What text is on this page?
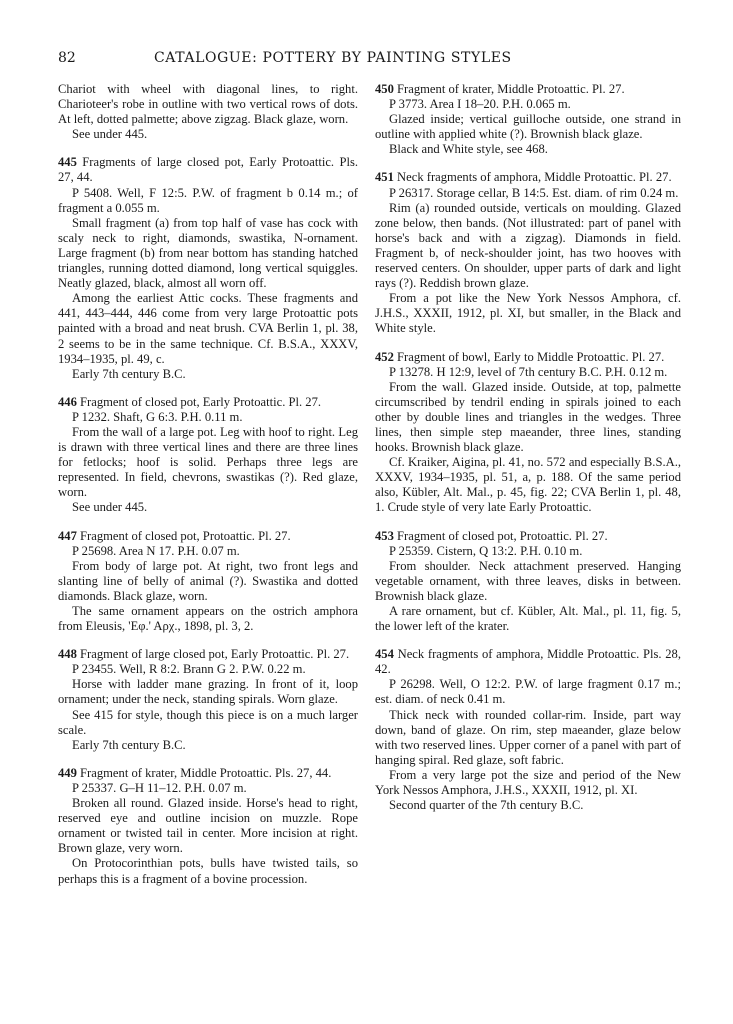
82	CATALOGUE: POTTERY BY PAINTING STYLES

Chariot with wheel with diagonal lines, to right. Charioteer's robe in outline with two vertical rows of dots. At left, dotted palmette; above zigzag. Black glaze, worn.

See under 445.

445 Fragments of large closed pot, Early Protoattic. Pls. 27, 44.

P 5408. Well, F 12:5. P.W. of fragment b 0.14 m.; of fragment a 0.055 m.

Small fragment (a) from top half of vase has cock with scaly neck to right, diamonds, swastika, N-ornament. Large fragment (b) from near bottom has standing hatched triangles, running dotted diamond, long vertical squiggles. Neatly glazed, black, almost all worn off.

Among the earliest Attic cocks. These fragments and 441, 443–444, 446 come from very large Protoattic pots painted with a broad and neat brush. CVA Berlin 1, pl. 38, 2 seems to be in the same technique. Cf. B.S.A., XXXV, 1934–1935, pl. 49, c.

Early 7th century B.C.

446 Fragment of closed pot, Early Protoattic. Pl. 27.

P 1232. Shaft, G 6:3. P.H. 0.11 m.

From the wall of a large pot. Leg with hoof to right. Leg is drawn with three vertical lines and there are three lines for fetlocks; hoof is solid. Perhaps three legs are represented. In field, chevrons, swastikas (?). Red glaze, worn.

See under 445.

447 Fragment of closed pot, Protoattic. Pl. 27.

P 25698. Area N 17. P.H. 0.07 m.

From body of large pot. At right, two front legs and slanting line of belly of animal (?). Swastika and dotted diamonds. Black glaze, worn.

The same ornament appears on the ostrich amphora from Eleusis, 'Εφ.' Αρχ., 1898, pl. 3, 2.

448 Fragment of large closed pot, Early Protoattic. Pl. 27.

P 23455. Well, R 8:2. Brann G 2. P.W. 0.22 m.

Horse with ladder mane grazing. In front of it, loop ornament; under the neck, standing spirals. Worn glaze.

See 415 for style, though this piece is on a much larger scale.

Early 7th century B.C.

449 Fragment of krater, Middle Protoattic. Pls. 27, 44.

P 25337. G–H 11–12. P.H. 0.07 m.

Broken all round. Glazed inside. Horse's head to right, reserved eye and outline incision on muzzle. Rope ornament or twisted tail in center. More incision at right. Brown glaze, very worn.

On Protocorinthian pots, bulls have twisted tails, so perhaps this is a fragment of a bovine procession.

450 Fragment of krater, Middle Protoattic. Pl. 27.

P 3773. Area I 18–20. P.H. 0.065 m.

Glazed inside; vertical guilloche outside, one strand in outline with applied white (?). Brownish black glaze.

Black and White style, see 468.

451 Neck fragments of amphora, Middle Protoattic. Pl. 27.

P 26317. Storage cellar, B 14:5. Est. diam. of rim 0.24 m.

Rim (a) rounded outside, verticals on moulding. Glazed zone below, then bands. (Not illustrated: part of panel with horse's back and with a zigzag). Diamonds in field. Fragment b, of neck-shoulder joint, has two hooves with reserved centers. On shoulder, upper parts of dark and light rays (?). Reddish brown glaze.

From a pot like the New York Nessos Amphora, cf. J.H.S., XXXII, 1912, pl. XI, but smaller, in the Black and White style.

452 Fragment of bowl, Early to Middle Protoattic. Pl. 27.

P 13278. H 12:9, level of 7th century B.C. P.H. 0.12 m.

From the wall. Glazed inside. Outside, at top, palmette circumscribed by tendril ending in spirals joined to each other by double lines and triangles in the wedges. Three lines, then simple step maeander, three lines, standing hooks. Brownish black glaze.

Cf. Kraiker, Aigina, pl. 41, no. 572 and especially B.S.A., XXXV, 1934–1935, pl. 51, a, p. 188. Of the same period also, Kübler, Alt. Mal., p. 45, fig. 22; CVA Berlin 1, pl. 48, 1. Crude style of very late Early Protoattic.

453 Fragment of closed pot, Protoattic. Pl. 27.

P 25359. Cistern, Q 13:2. P.H. 0.10 m.

From shoulder. Neck attachment preserved. Hanging vegetable ornament, with three leaves, disks in between. Brownish black glaze.

A rare ornament, but cf. Kübler, Alt. Mal., pl. 11, fig. 5, the lower left of the krater.

454 Neck fragments of amphora, Middle Protoattic. Pls. 28, 42.

P 26298. Well, O 12:2. P.W. of large fragment 0.17 m.; est. diam. of neck 0.41 m.

Thick neck with rounded collar-rim. Inside, part way down, band of glaze. On rim, step maeander, glaze below with two reserved lines. Upper corner of a panel with part of hanging spiral. Red glaze, soft fabric.

From a very large pot the size and period of the New York Nessos Amphora, J.H.S., XXXII, 1912, pl. XI.

Second quarter of the 7th century B.C.
